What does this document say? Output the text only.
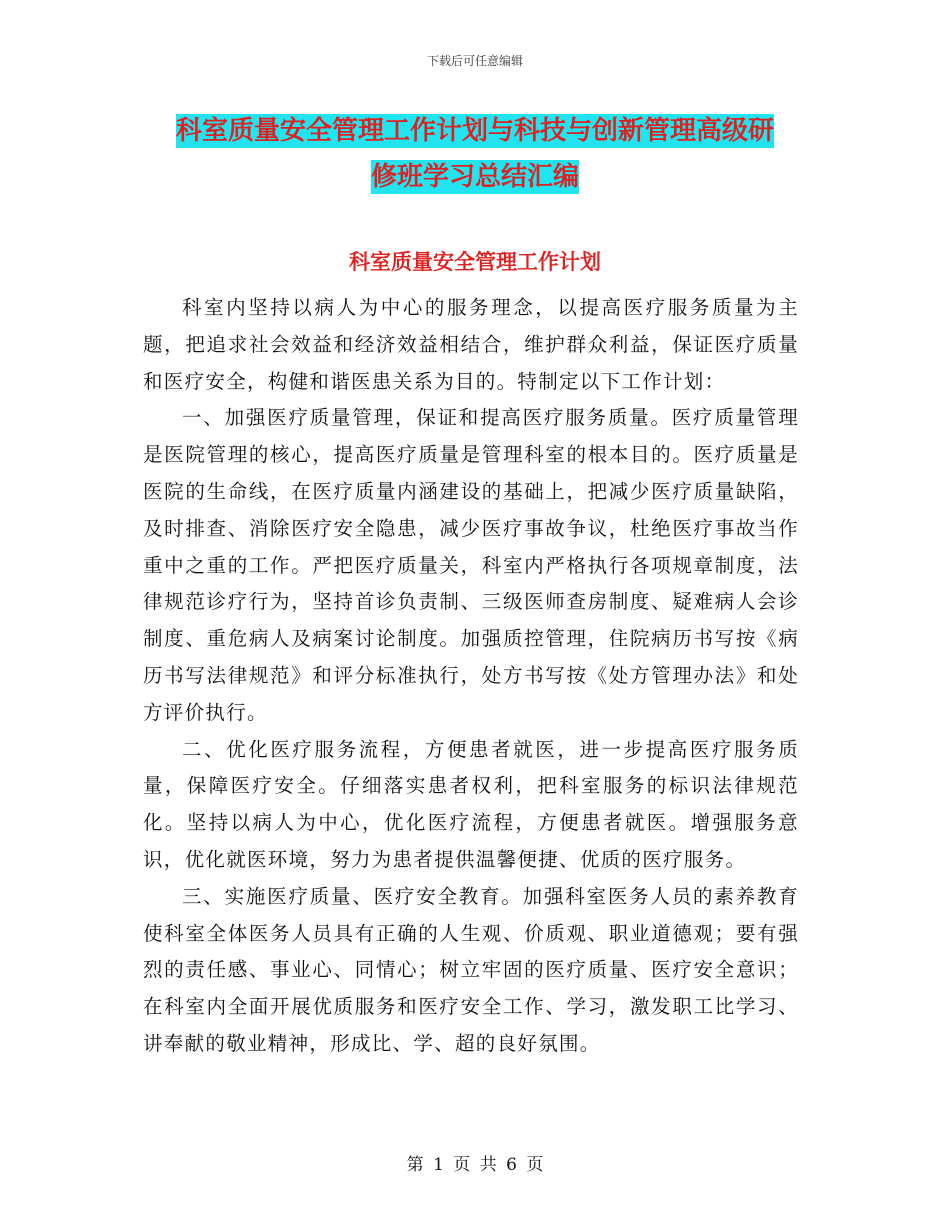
下载后可任意编辑
科室质量安全管理工作计划与科技与创新管理高级研
修班学习总结汇编
科室质量安全管理工作计划

科室内坚持以病人为中心的服务理念，以提高医疗服务质量为主题，把追求社会效益和经济效益相结合，维护群众利益，保证医疗质量和医疗安全，构健和谐医患关系为目的。特制定以下工作计划：

一、加强医疗质量管理，保证和提高医疗服务质量。医疗质量管理是医院管理的核心，提高医疗质量是管理科室的根本目的。医疗质量是医院的生命线，在医疗质量内涵建设的基础上，把减少医疗质量缺陷，及时排查、消除医疗安全隐患，减少医疗事故争议，杜绝医疗事故当作重中之重的工作。严把医疗质量关，科室内严格执行各项规章制度，法律规范诊疗行为，坚持首诊负责制、三级医师查房制度、疑难病人会诊制度、重危病人及病案讨论制度。加强质控管理，住院病历书写按《病历书写法律规范》和评分标准执行，处方书写按《处方管理办法》和处方评价执行。

二、优化医疗服务流程，方便患者就医，进一步提高医疗服务质量，保障医疗安全。仔细落实患者权利，把科室服务的标识法律规范化。坚持以病人为中心，优化医疗流程，方便患者就医。增强服务意识，优化就医环境，努力为患者提供温馨便捷、优质的医疗服务。

三、实施医疗质量、医疗安全教育。加强科室医务人员的素养教育使科室全体医务人员具有正确的人生观、价质观、职业道德观；要有强烈的责任感、事业心、同情心；树立牢固的医疗质量、医疗安全意识；在科室内全面开展优质服务和医疗安全工作、学习，激发职工比学习、讲奉献的敬业精神，形成比、学、超的良好氛围。

第 1 页 共 6 页
